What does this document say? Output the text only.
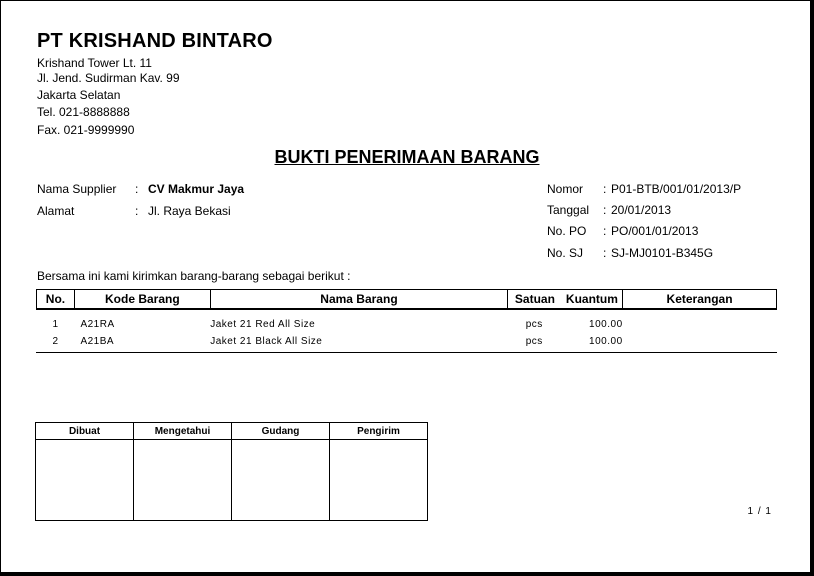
PT KRISHAND BINTARO
Krishand Tower Lt. 11
Jl. Jend. Sudirman Kav. 99
Jakarta Selatan
Tel. 021-8888888
Fax. 021-9999990
BUKTI PENERIMAAN BARANG
Nama Supplier : CV Makmur Jaya
Alamat	: Jl. Raya Bekasi
Nomor : P01-BTB/001/01/2013/P
Tanggal : 20/01/2013
No. PO : PO/001/01/2013
No. SJ : SJ-MJ0101-B345G
Bersama ini kami kirimkan barang-barang sebagai berikut :
No.	Kode Barang	Nama Barang	Satuan	Kuantum	Keterangan

1	A21RA	Jaket 21 Red All Size	pcs	100.00	
2	A21BA	Jaket 21 Black All Size	pcs	100.00	
Dibuat	Mengetahui	Gudang	Pengirim

1 / 1
